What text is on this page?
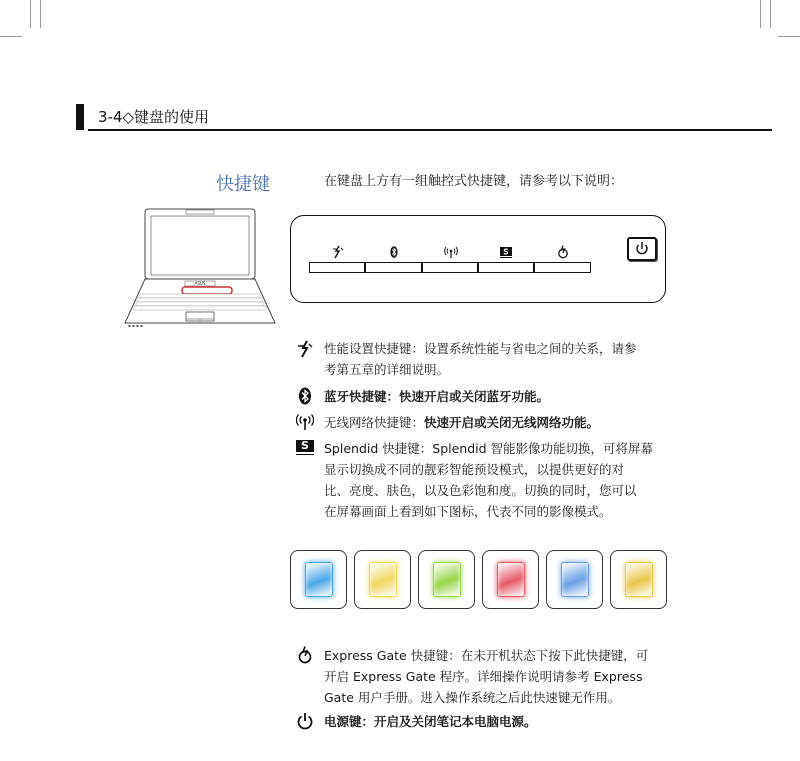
3-4◇键盘的使用
快捷键	在键盘上方有一组触控式快捷键，请参考以下说明：
ASUS
▪ ▪ ▪ ▪
S
性能设置快捷键：设置系统性能与省电之间的关系，请参
考第五章的详细说明。
蓝牙快捷键：快速开启或关闭蓝牙功能。
无线网络快捷键：快速开启或关闭无线网络功能。
S	Splendid 快捷键：Splendid 智能影像功能切换，可将屏幕
显示切换成不同的靓彩智能预设模式，以提供更好的对
比、亮度、肤色，以及色彩饱和度。切换的同时，您可以
在屏幕画面上看到如下图标，代表不同的影像模式。
Express Gate 快捷键：在未开机状态下按下此快捷键，可
开启 Express Gate 程序。详细操作说明请参考 Express
Gate 用户手册。进入操作系统之后此快速键无作用。
电源键：开启及关闭笔记本电脑电源。
